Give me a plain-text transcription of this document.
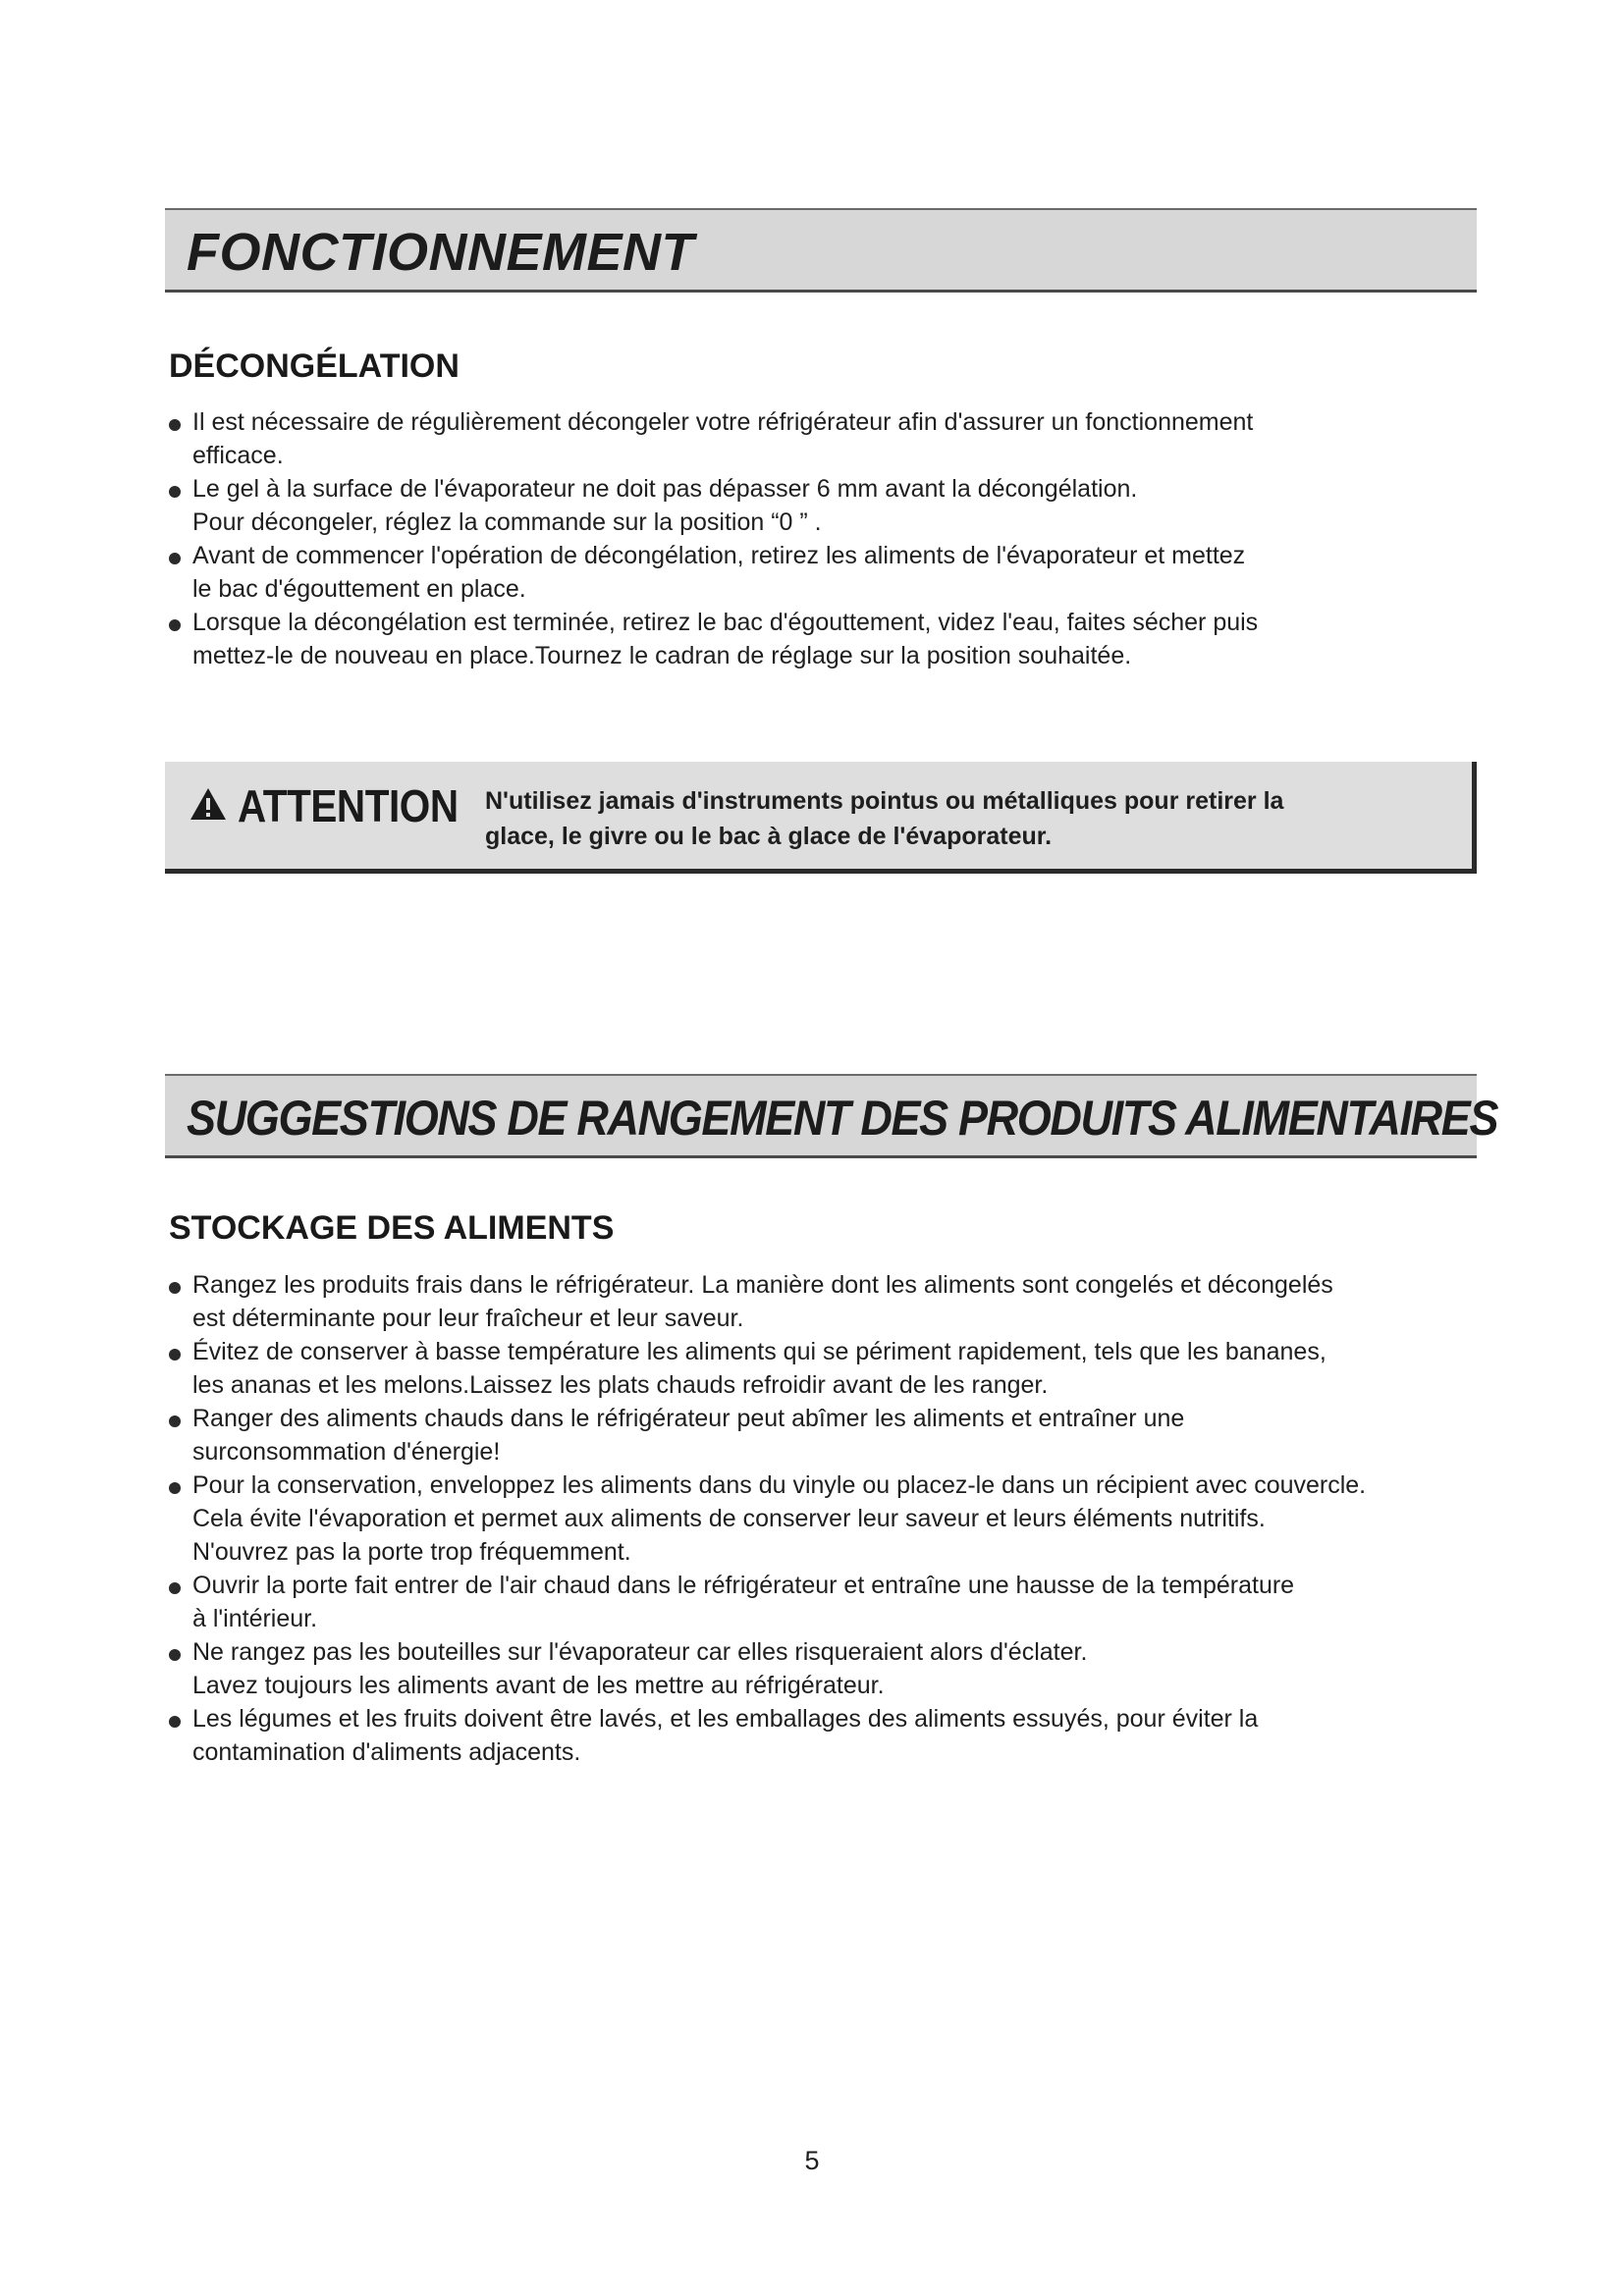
FONCTIONNEMENT
DÉCONGÉLATION
Il est nécessaire de régulièrement décongeler votre réfrigérateur afin d'assurer un fonctionnement
efficace.
Le gel à la surface de l'évaporateur ne doit pas dépasser 6 mm avant la décongélation.
Pour décongeler, réglez la commande sur la position “0 ” .
Avant de commencer l'opération de décongélation, retirez les aliments de l'évaporateur et mettez
le bac d'égouttement en place.
Lorsque la décongélation est terminée, retirez le bac d'égouttement, videz l'eau, faites sécher puis
mettez-le de nouveau en place.Tournez le cadran de réglage sur la position souhaitée.
ATTENTION N'utilisez jamais d'instruments pointus ou métalliques pour retirer la
glace, le givre ou le bac à glace de l'évaporateur.
SUGGESTIONS DE RANGEMENT DES PRODUITS ALIMENTAIRES
STOCKAGE DES ALIMENTS
Rangez les produits frais dans le réfrigérateur. La manière dont les aliments sont congelés et décongelés
est déterminante pour leur fraîcheur et leur saveur.
Évitez de conserver à basse température les aliments qui se périment rapidement, tels que les bananes,
les ananas et les melons.Laissez les plats chauds refroidir avant de les ranger.
Ranger des aliments chauds dans le réfrigérateur peut abîmer les aliments et entraîner une
surconsommation d'énergie!
Pour la conservation, enveloppez les aliments dans du vinyle ou placez-le dans un récipient avec couvercle.
Cela évite l'évaporation et permet aux aliments de conserver leur saveur et leurs éléments nutritifs.
N'ouvrez pas la porte trop fréquemment.
Ouvrir la porte fait entrer de l'air chaud dans le réfrigérateur et entraîne une hausse de la température
à l'intérieur.
Ne rangez pas les bouteilles sur l'évaporateur car elles risqueraient alors d'éclater.
Lavez toujours les aliments avant de les mettre au réfrigérateur.
Les légumes et les fruits doivent être lavés, et les emballages des aliments essuyés, pour éviter la
contamination d'aliments adjacents.
5
